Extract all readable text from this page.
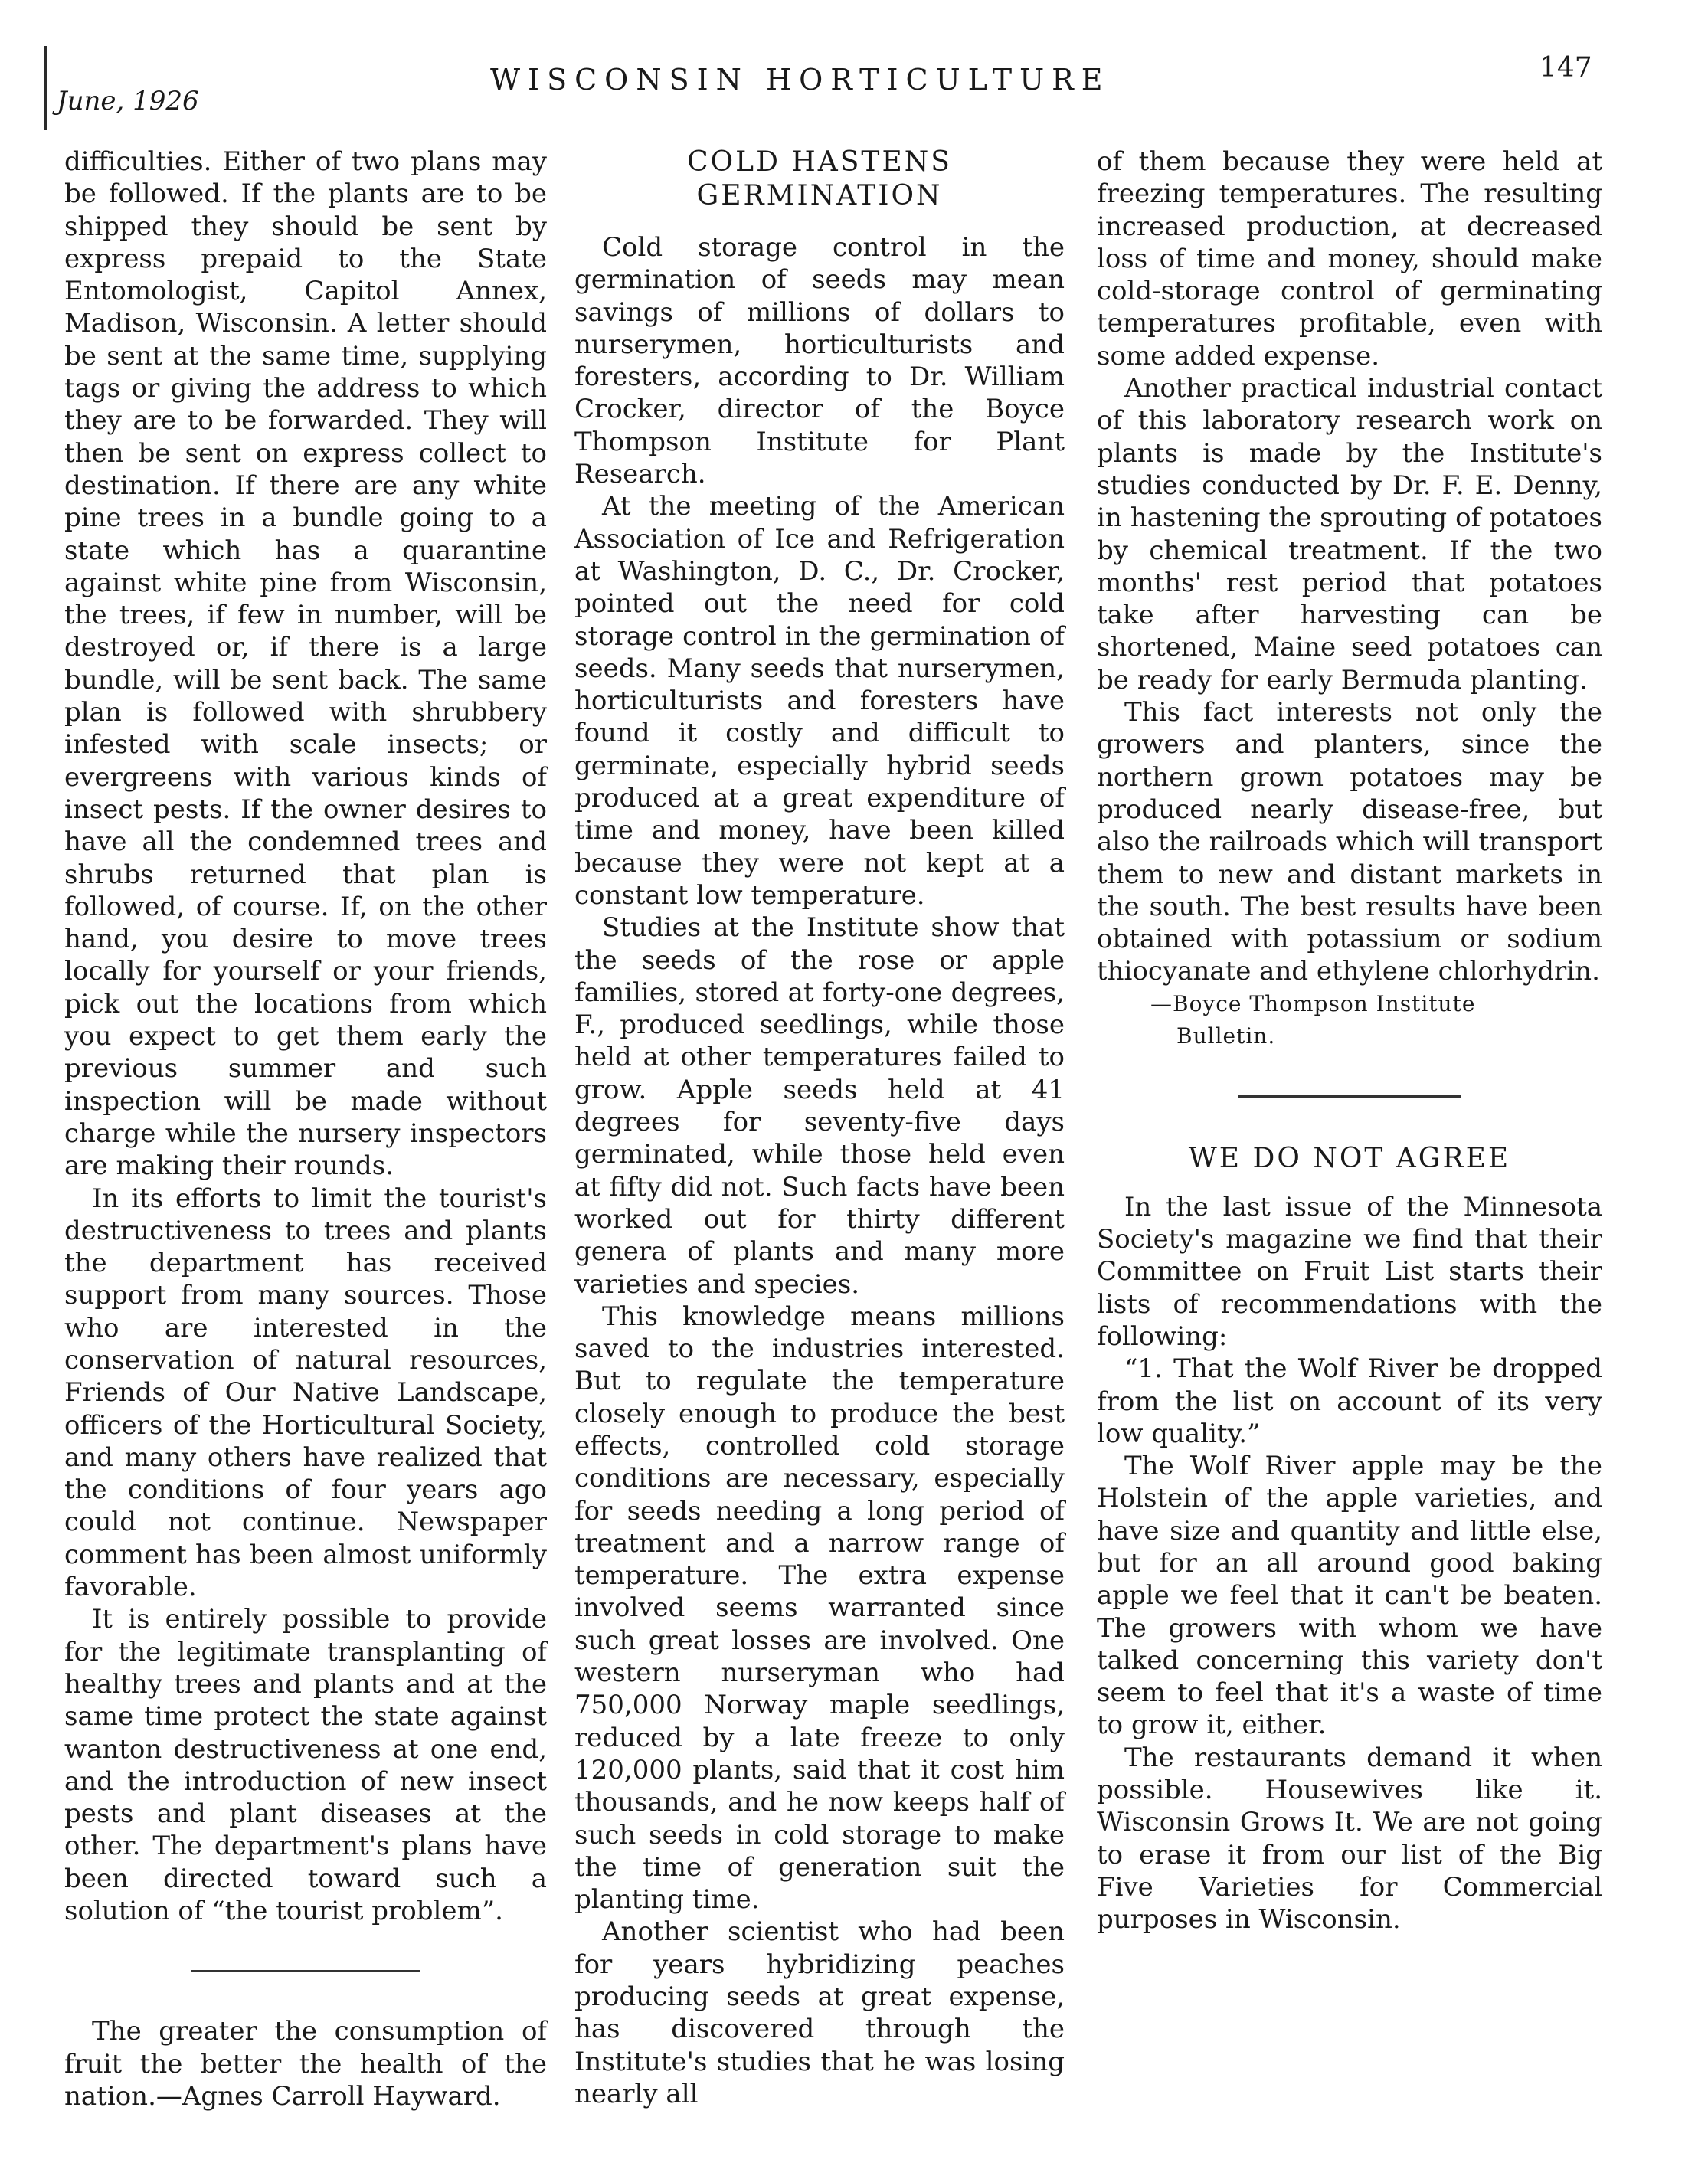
June, 1926
WISCONSIN HORTICULTURE	147

difficulties. Either of two plans may be followed. If the plants are to be shipped they should be sent by express prepaid to the State Entomologist, Capitol Annex, Madison, Wisconsin. A letter should be sent at the same time, supplying tags or giving the address to which they are to be forwarded. They will then be sent on express collect to destination. If there are any white pine trees in a bundle going to a state which has a quarantine against white pine from Wisconsin, the trees, if few in number, will be destroyed or, if there is a large bundle, will be sent back. The same plan is followed with shrubbery infested with scale insects; or evergreens with various kinds of insect pests. If the owner desires to have all the condemned trees and shrubs returned that plan is followed, of course. If, on the other hand, you desire to move trees locally for yourself or your friends, pick out the locations from which you expect to get them early the previous summer and such inspection will be made without charge while the nursery inspectors are making their rounds.

In its efforts to limit the tourist's destructiveness to trees and plants the department has received support from many sources. Those who are interested in the conservation of natural resources, Friends of Our Native Landscape, officers of the Horticultural Society, and many others have realized that the conditions of four years ago could not continue. Newspaper comment has been almost uniformly favorable.

It is entirely possible to provide for the legitimate transplanting of healthy trees and plants and at the same time protect the state against wanton destructiveness at one end, and the introduction of new insect pests and plant diseases at the other. The department's plans have been directed toward such a solution of “the tourist problem”.

The greater the consumption of fruit the better the health of the nation.—Agnes Carroll Hayward.

COLD HASTENS GERMINATION

Cold storage control in the germination of seeds may mean savings of millions of dollars to nurserymen, horticulturists and foresters, according to Dr. William Crocker, director of the Boyce Thompson Institute for Plant Research.

At the meeting of the American Association of Ice and Refrigeration at Washington, D. C., Dr. Crocker, pointed out the need for cold storage control in the germination of seeds. Many seeds that nurserymen, horticulturists and foresters have found it costly and difficult to germinate, especially hybrid seeds produced at a great expenditure of time and money, have been killed because they were not kept at a constant low temperature.

Studies at the Institute show that the seeds of the rose or apple families, stored at forty-one degrees, F., produced seedlings, while those held at other temperatures failed to grow. Apple seeds held at 41 degrees for seventy-five days germinated, while those held even at fifty did not. Such facts have been worked out for thirty different genera of plants and many more varieties and species.

This knowledge means millions saved to the industries interested. But to regulate the temperature closely enough to produce the best effects, controlled cold storage conditions are necessary, especially for seeds needing a long period of treatment and a narrow range of temperature. The extra expense involved seems warranted since such great losses are involved. One western nurseryman who had 750,000 Norway maple seedlings, reduced by a late freeze to only 120,000 plants, said that it cost him thousands, and he now keeps half of such seeds in cold storage to make the time of generation suit the planting time.

Another scientist who had been for years hybridizing peaches producing seeds at great expense, has discovered through the Institute's studies that he was losing nearly all

of them because they were held at freezing temperatures. The resulting increased production, at decreased loss of time and money, should make cold-storage control of germinating temperatures profitable, even with some added expense.

Another practical industrial contact of this laboratory research work on plants is made by the Institute's studies conducted by Dr. F. E. Denny, in hastening the sprouting of potatoes by chemical treatment. If the two months' rest period that potatoes take after harvesting can be shortened, Maine seed potatoes can be ready for early Bermuda planting.

This fact interests not only the growers and planters, since the northern grown potatoes may be produced nearly disease-free, but also the railroads which will transport them to new and distant markets in the south. The best results have been obtained with potassium or sodium thiocyanate and ethylene chlorhydrin.

—Boyce Thompson Institute
Bulletin.
WE DO NOT AGREE

In the last issue of the Minnesota Society's magazine we find that their Committee on Fruit List starts their lists of recommendations with the following:

“1. That the Wolf River be dropped from the list on account of its very low quality.”

The Wolf River apple may be the Holstein of the apple varieties, and have size and quantity and little else, but for an all around good baking apple we feel that it can't be beaten. The growers with whom we have talked concerning this variety don't seem to feel that it's a waste of time to grow it, either.

The restaurants demand it when possible. Housewives like it. Wisconsin Grows It. We are not going to erase it from our list of the Big Five Varieties for Commercial purposes in Wisconsin.
